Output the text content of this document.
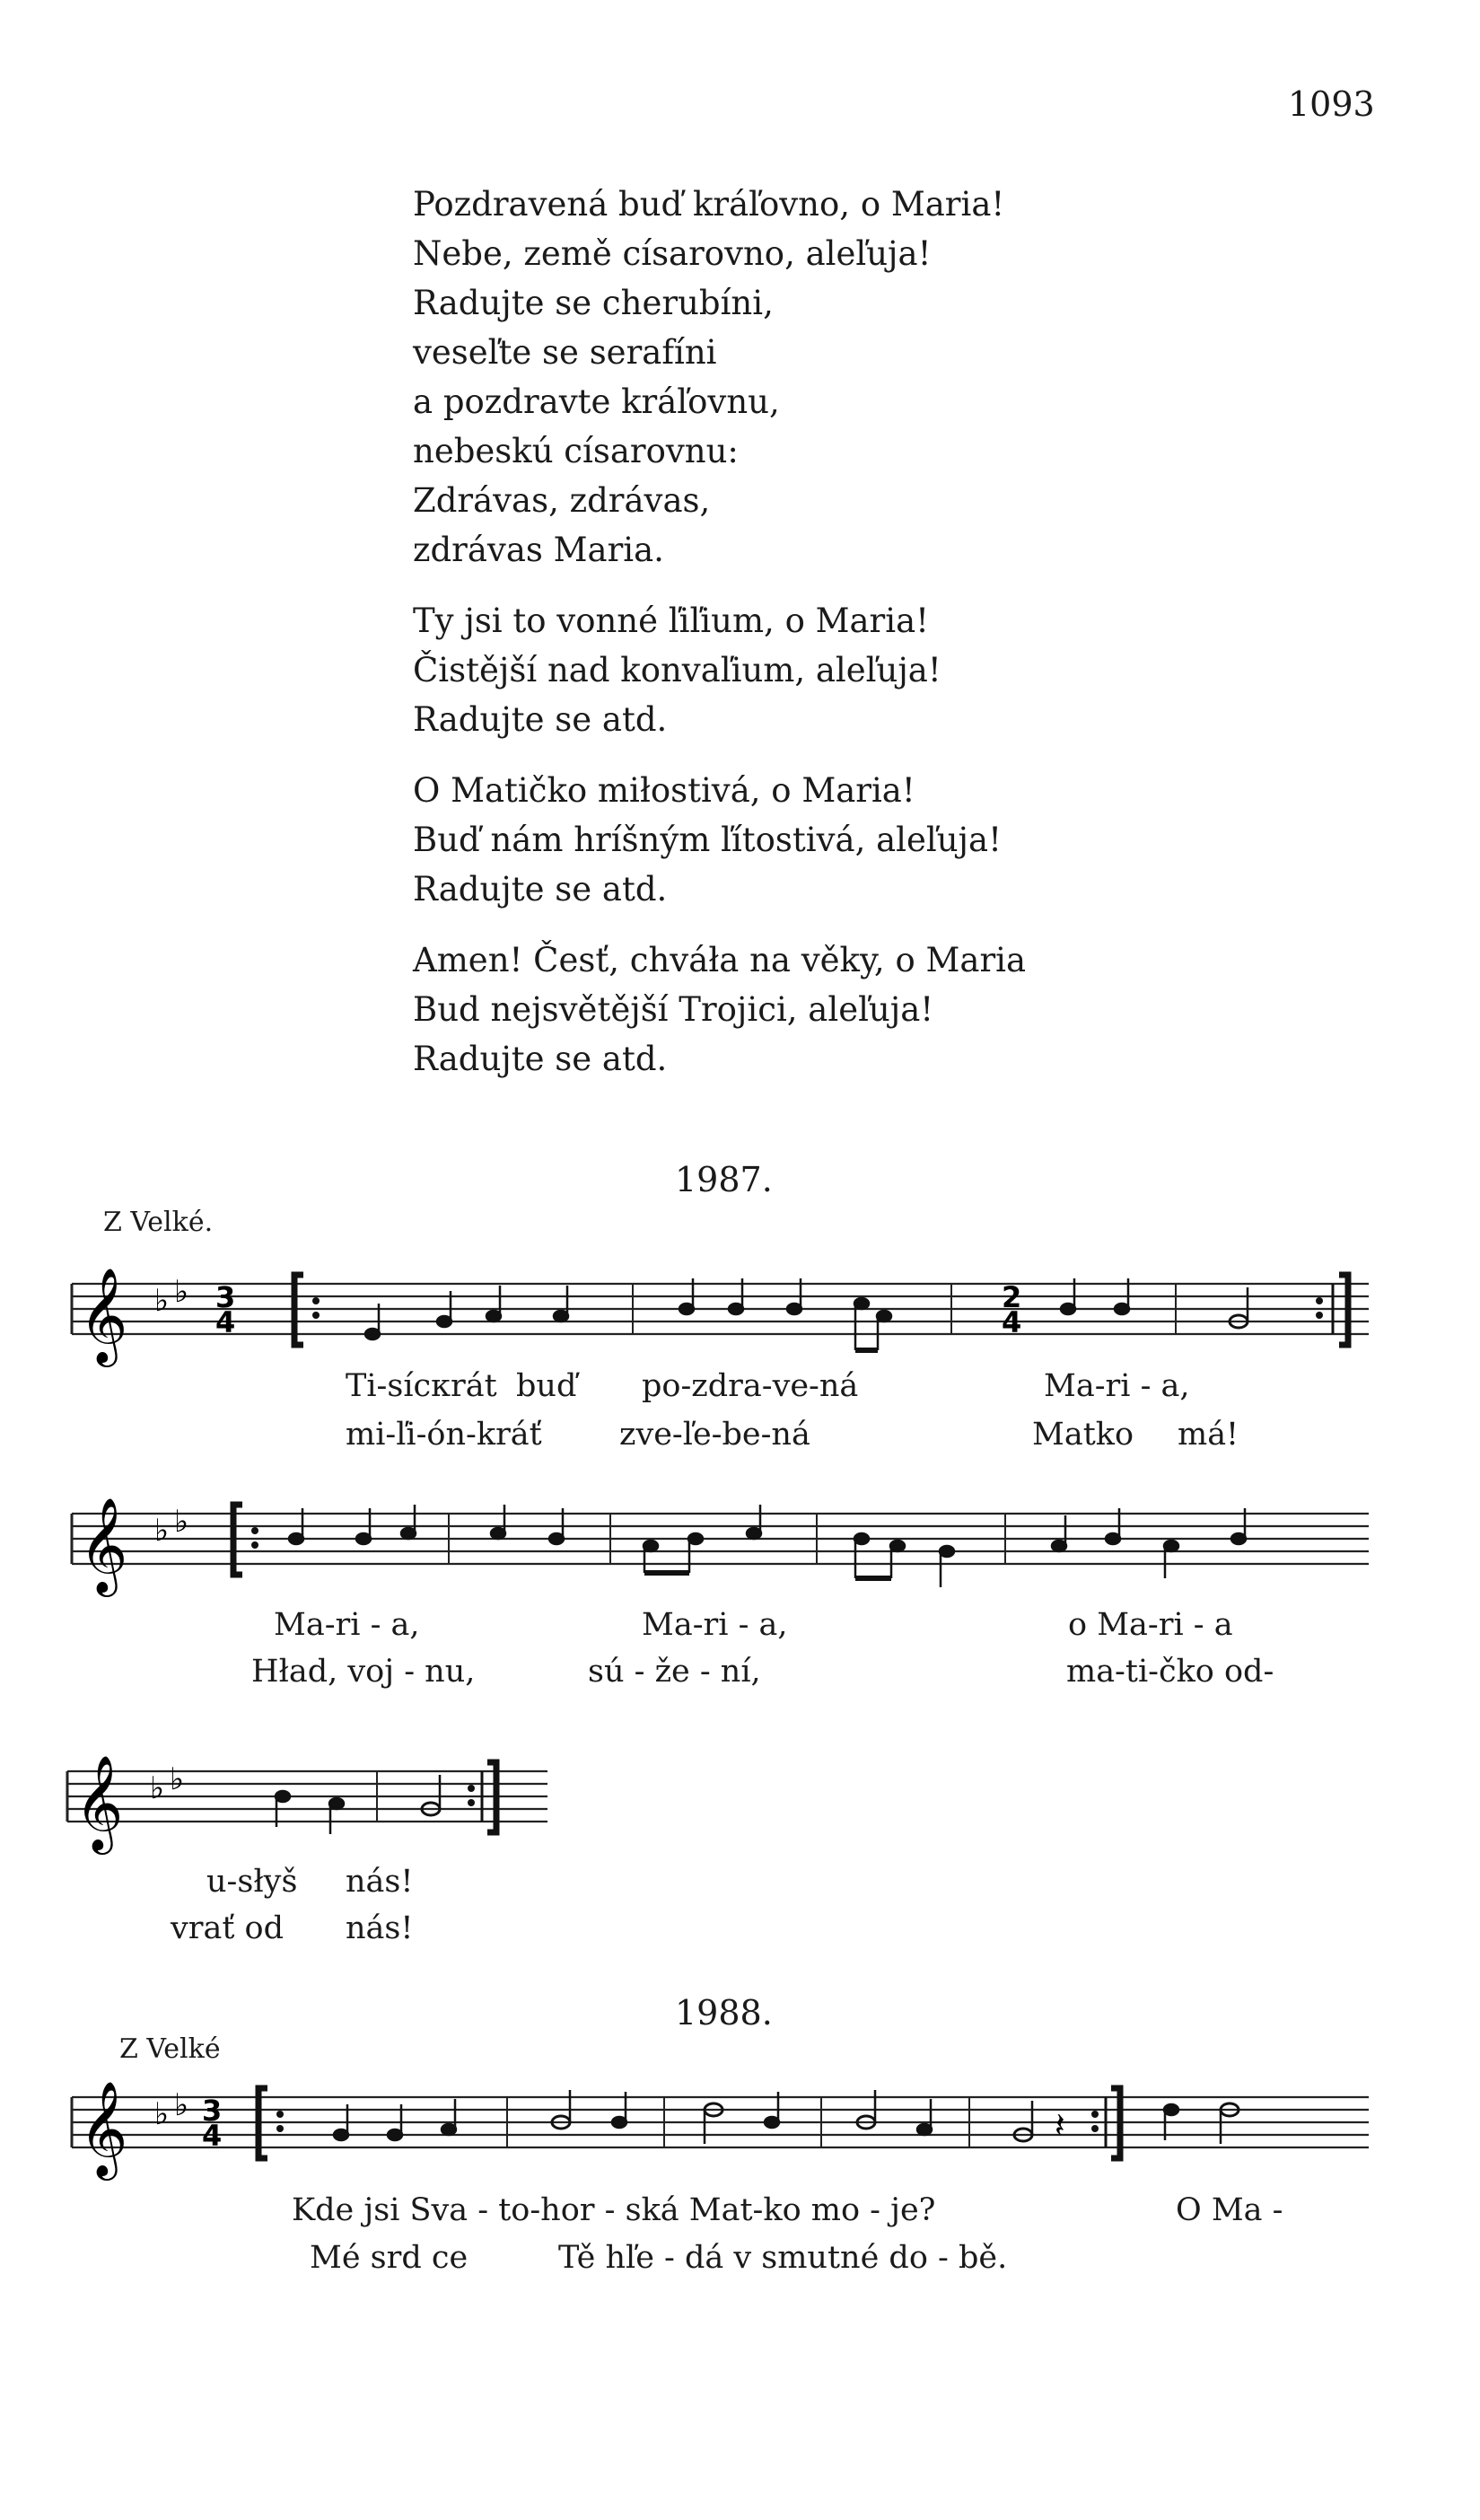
1093
Pozdravená buď kráľovno, o Maria!
Nebe, země císarovno, aleľuja!
Radujte se cherubíni,
veseľte se serafíni
a pozdravte kráľovnu,
nebeskú císarovnu:
Zdrávas, zdrávas,
zdrávas Maria.
Ty jsi to vonné ľiľium, o Maria!
Čistější nad konvaľium, aleľuja!
Radujte se atd.
O Matičko miłostivá, o Maria!
Buď nám hríšným ľítostivá, aleľuja!
Radujte se atd.
Amen! Česť, chváła na věky, o Maria
Bud nejsvětější Trojici, aleľuja!
Radujte se atd.
1987.
Z Velké.
𝄞 ♭ ♭ 3
4
2
4
Ti-sícкrát buď po-zdra-ve-ná	Ma-ri - a,
mi-ľi-ón-kráť zve-ľe-be-ná	Matko má!
𝄞 ♭ ♭
Ma-ri - a,	Ma-ri - a,	o Ma-ri - a
Hład, voj - nu,	sú - že - ní,	ma-ti-čko od-
𝄞 ♭ ♭
u-słyš nás!
vrať od nás!
1988.
Z Velké
𝄞 ♭ ♭ 3
4	𝄽
Kde jsi Sva - to-hor - ská Mat-ko mo - je?	O Ma -
Mé srd ce	Tě hľe - dá v smutné do - bě.
